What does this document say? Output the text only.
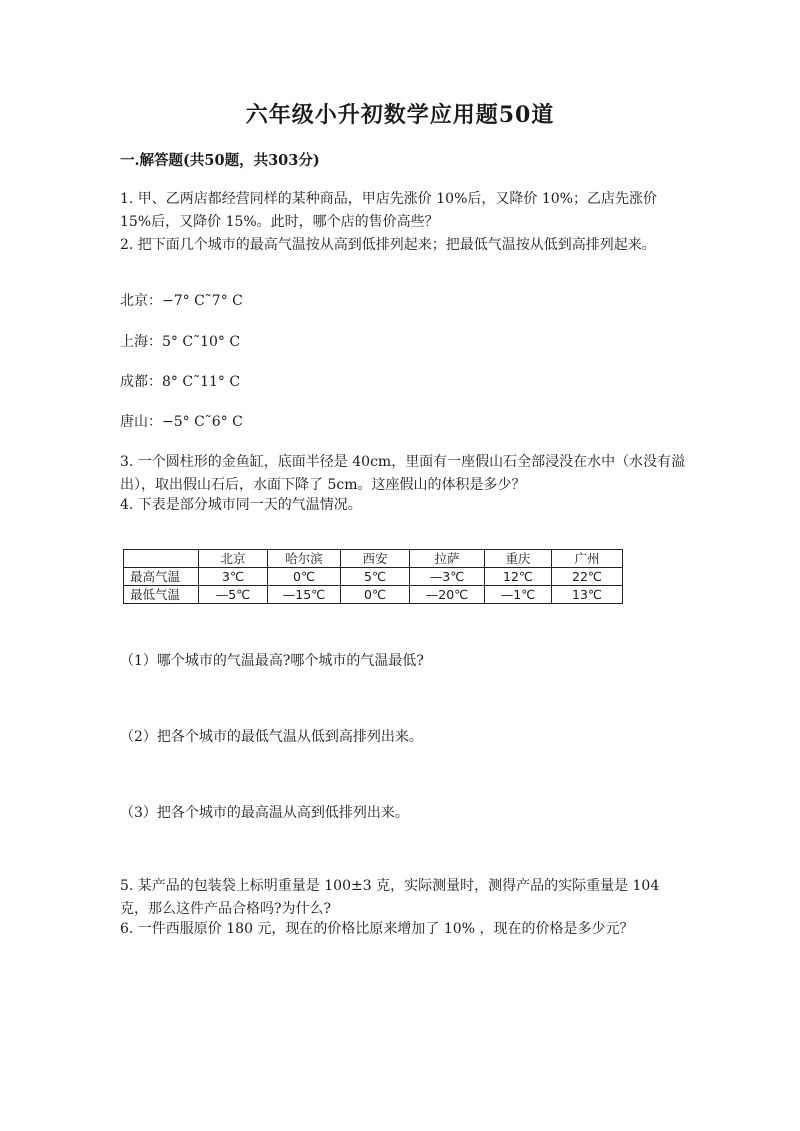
六年级小升初数学应用题50道
一.解答题(共50题，共303分)
1. 甲、乙两店都经营同样的某种商品，甲店先涨价 10%后，又降价 10%；乙店先涨价 15%后，又降价 15%。此时，哪个店的售价高些？
2. 把下面几个城市的最高气温按从高到低排列起来；把最低气温按从低到高排列起来。
北京：−7° C˜7° C
上海：5° C˜10° C
成都：8° C˜11° C
唐山：−5° C˜6° C
3. 一个圆柱形的金鱼缸，底面半径是 40cm，里面有一座假山石全部浸没在水中（水没有溢出），取出假山石后，水面下降了 5cm。这座假山的体积是多少？
4. 下表是部分城市同一天的气温情况。
	北京	哈尔滨	西安	拉萨	重庆	广州
最高气温	3℃	0℃	5℃	—3℃	12℃	22℃
最低气温	—5℃	—15℃	0℃	—20℃	—1℃	13℃
（1）哪个城市的气温最高?哪个城市的气温最低?
（2）把各个城市的最低气温从低到高排列出来。
（3）把各个城市的最高温从高到低排列出来。
5. 某产品的包装袋上标明重量是 100±3 克，实际测量时，测得产品的实际重量是 104 克，那么这件产品合格吗?为什么?
6. 一件西服原价 180 元，现在的价格比原来增加了 10% ，现在的价格是多少元？
